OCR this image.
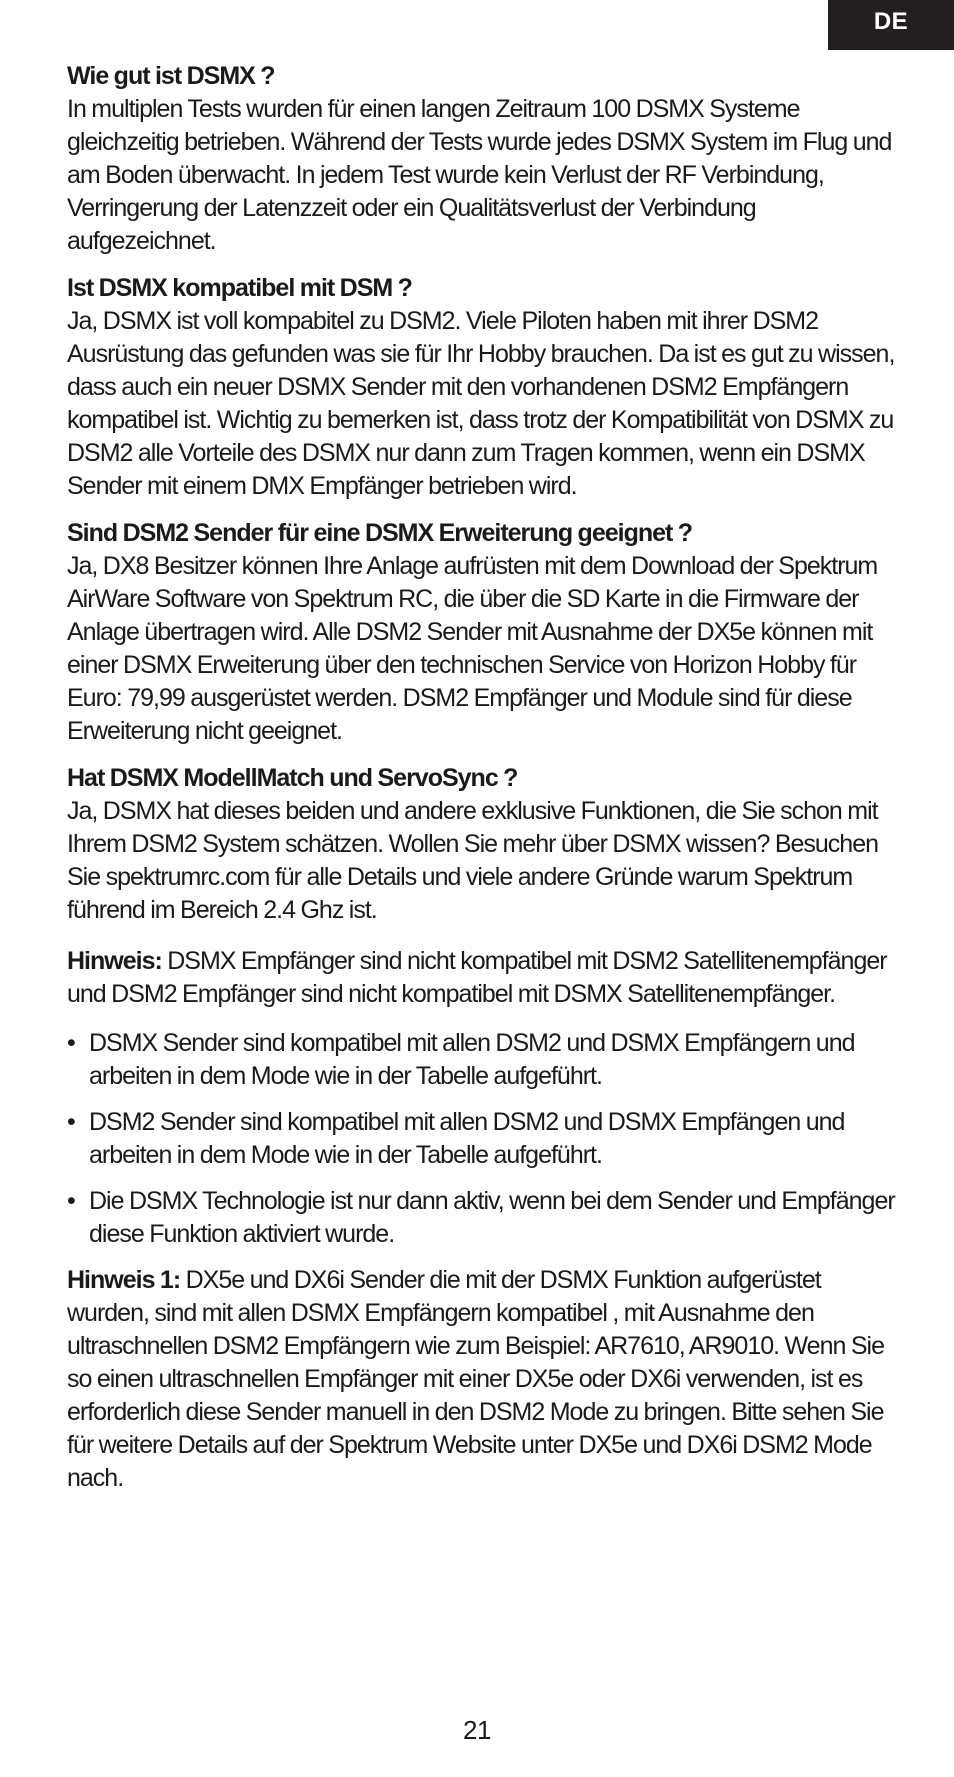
DE

Wie gut ist DSMX ?

In multiplen Tests wurden für einen langen Zeitraum 100 DSMX Systeme gleichzeitig betrieben. Während der Tests wurde jedes DSMX System im Flug und am Boden überwacht. In jedem Test wurde kein Verlust der RF Verbindung, Verringerung der Latenzzeit oder ein Qualitätsverlust der Verbindung aufgezeichnet.

Ist DSMX kompatibel mit DSM ?

Ja, DSMX ist voll kompabitel zu DSM2. Viele Piloten haben mit ihrer DSM2 Ausrüstung das gefunden was sie für Ihr Hobby brauchen. Da ist es gut zu wissen, dass auch ein neuer DSMX Sender mit den vorhandenen DSM2 Empfängern kompatibel ist. Wichtig zu bemerken ist, dass trotz der Kompatibilität von DSMX zu DSM2 alle Vorteile des DSMX nur dann zum Tragen kommen, wenn ein DSMX Sender mit einem DMX Empfänger betrieben wird.

Sind DSM2 Sender für eine DSMX Erweiterung geeignet ?

Ja, DX8 Besitzer können Ihre Anlage aufrüsten mit dem Download der Spektrum AirWare Software von Spektrum RC, die über die SD Karte in die Firmware der Anlage übertragen wird. Alle DSM2 Sender mit Ausnahme der DX5e können mit einer DSMX Erweiterung über den technischen Service von Horizon Hobby für Euro: 79,99 ausgerüstet werden. DSM2 Empfänger und Module sind für diese Erweiterung nicht geeignet.

Hat DSMX ModellMatch und ServoSync ?

Ja, DSMX hat dieses beiden und andere exklusive Funktionen, die Sie schon mit Ihrem DSM2 System schätzen. Wollen Sie mehr über DSMX wissen? Besuchen Sie spektrumrc.com für alle Details und viele andere Gründe warum Spektrum führend im Bereich 2.4 Ghz ist.

Hinweis: DSMX Empfänger sind nicht kompatibel mit DSM2 Satellitenempfänger und DSM2 Empfänger sind nicht kompatibel mit DSMX Satellitenempfänger.

• DSMX Sender sind kompatibel mit allen DSM2 und DSMX Empfängern und arbeiten in dem Mode wie in der Tabelle aufgeführt.
• DSM2 Sender sind kompatibel mit allen DSM2 und DSMX Empfängen und arbeiten in dem Mode wie in der Tabelle aufgeführt.
• Die DSMX Technologie ist nur dann aktiv, wenn bei dem Sender und Empfänger diese Funktion aktiviert wurde.

Hinweis 1: DX5e und DX6i Sender die mit der DSMX Funktion aufgerüstet wurden, sind mit allen DSMX Empfängern kompatibel , mit Ausnahme den ultraschnellen DSM2 Empfängern wie zum Beispiel: AR7610, AR9010. Wenn Sie so einen ultraschnellen Empfänger mit einer DX5e oder DX6i verwenden, ist es erforderlich diese Sender manuell in den DSM2 Mode zu bringen. Bitte sehen Sie für weitere Details auf der Spektrum Website unter DX5e und DX6i DSM2 Mode nach.

21
